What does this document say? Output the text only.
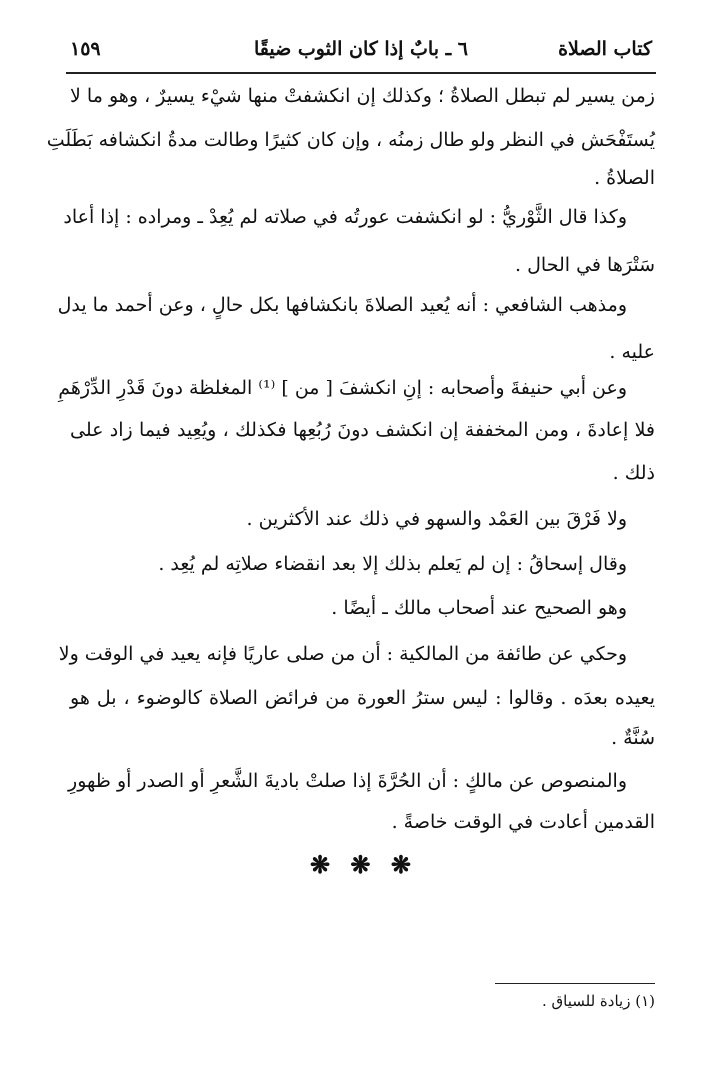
كتاب الصلاة
٦ ـ بابٌ إذا كان الثوب ضيقًا
١٥٩
زمن يسير لم تبطل الصلاةُ ؛ وكذلك إن انكشفتْ منها شيْء يسيرٌ ، وهو ما لا
يُستَفْحَش في النظر ولو طال زمنُه ، وإن كان كثيرًا وطالت مدةُ انكشافه بَطَلَتِ
الصلاةُ .
وكذا قال الثَّوْريُّ : لو انكشفت عورتُه في صلاته لم يُعِدْ ـ ومراده : إذا أعاد
سَتْرَها في الحال .
ومذهب الشافعي : أنه يُعيد الصلاةَ بانكشافها بكل حالٍ ، وعن أحمد ما يدل
عليه .
وعن أبي حنيفةَ وأصحابه : إنِ انكشفَ [ من ] ⁽¹⁾ المغلظة دونَ قَدْرِ الدِّرْهَمِ
فلا إعادةَ ، ومن المخففة إن انكشف دونَ رُبُعِها فكذلك ، ويُعِيد فيما زاد على
ذلك .
ولا فَرْقَ بين العَمْد والسهو في ذلك عند الأكثرين .
وقال إسحاقُ : إن لم يَعلم بذلك إلا بعد انقضاء صلاتِه لم يُعِد .
وهو الصحيح عند أصحاب مالك ـ أيضًا .
وحكي عن طائفة من المالكية : أن من صلى عاريًا فإنه يعيد في الوقت ولا
يعيده بعدَه . وقالوا : ليس سترُ العورة من فرائض الصلاة كالوضوء ، بل هو
سُنَّةٌ .
والمنصوص عن مالكٍ : أن الحُرَّةَ إذا صلتْ باديةَ الشَّعرِ أو الصدر أو ظهورِ
القدمين أعادت في الوقت خاصةً .
❋ ❋ ❋
(١) زيادة للسياق .
